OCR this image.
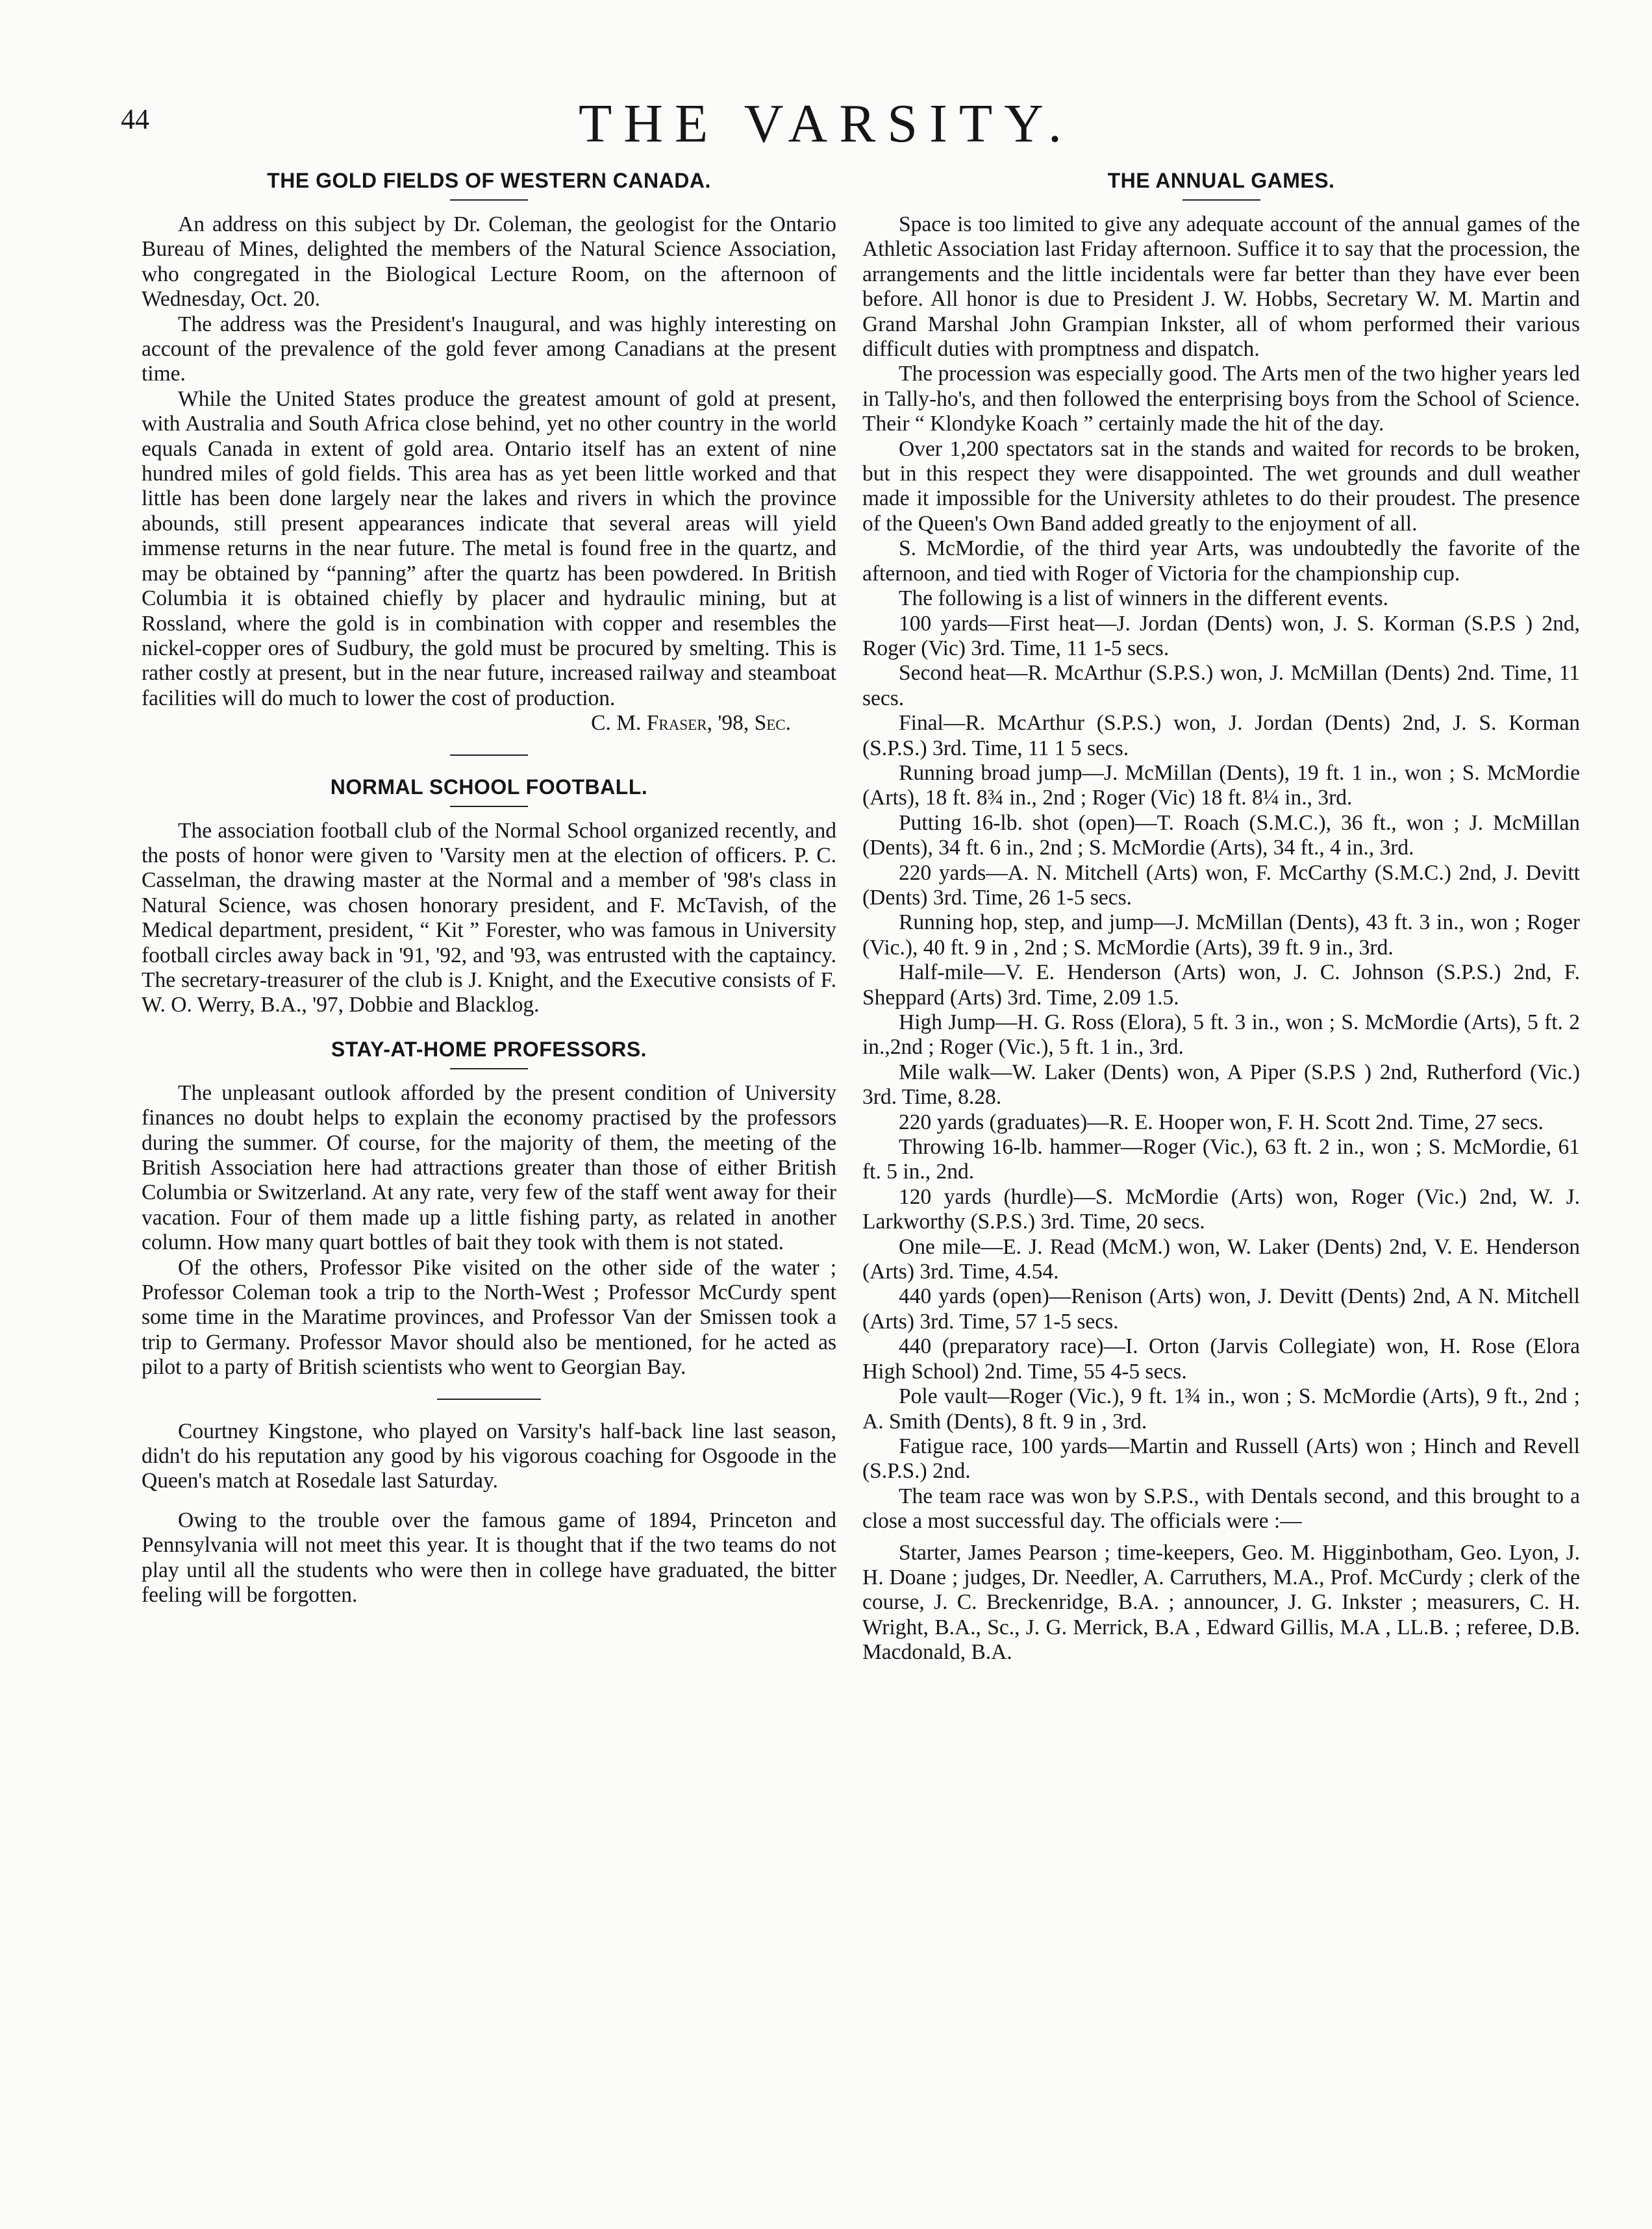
44	THE VARSITY.
THE GOLD FIELDS OF WESTERN CANADA.

An address on this subject by Dr. Coleman, the geologist for the Ontario Bureau of Mines, delighted the members of the Natural Science Association, who congregated in the Biological Lecture Room, on the afternoon of Wednesday, Oct. 20.

The address was the President's Inaugural, and was highly interesting on account of the prevalence of the gold fever among Canadians at the present time.

While the United States produce the greatest amount of gold at present, with Australia and South Africa close behind, yet no other country in the world equals Canada in extent of gold area. Ontario itself has an extent of nine hundred miles of gold fields. This area has as yet been little worked and that little has been done largely near the lakes and rivers in which the province abounds, still present appearances indicate that several areas will yield immense returns in the near future. The metal is found free in the quartz, and may be obtained by “panning” after the quartz has been powdered. In British Columbia it is obtained chiefly by placer and hydraulic mining, but at Rossland, where the gold is in combination with copper and resembles the nickel-copper ores of Sudbury, the gold must be procured by smelting. This is rather costly at present, but in the near future, increased railway and steamboat facilities will do much to lower the cost of production.

C. M. Fraser, '98, Sec.

NORMAL SCHOOL FOOTBALL.

The association football club of the Normal School organized recently, and the posts of honor were given to 'Varsity men at the election of officers. P. C. Casselman, the drawing master at the Normal and a member of '98's class in Natural Science, was chosen honorary president, and F. McTavish, of the Medical department, president, “ Kit ” Forester, who was famous in University football circles away back in '91, '92, and '93, was entrusted with the captaincy. The secretary-treasurer of the club is J. Knight, and the Executive consists of F. W. O. Werry, B.A., '97, Dobbie and Blacklog.

STAY-AT-HOME PROFESSORS.

The unpleasant outlook afforded by the present condition of University finances no doubt helps to explain the economy practised by the professors during the summer. Of course, for the majority of them, the meeting of the British Association here had attractions greater than those of either British Columbia or Switzerland. At any rate, very few of the staff went away for their vacation. Four of them made up a little fishing party, as related in another column. How many quart bottles of bait they took with them is not stated.

Of the others, Professor Pike visited on the other side of the water ; Professor Coleman took a trip to the North-West ; Professor McCurdy spent some time in the Maratime provinces, and Professor Van der Smissen took a trip to Germany. Professor Mavor should also be mentioned, for he acted as pilot to a party of British scientists who went to Georgian Bay.

Courtney Kingstone, who played on Varsity's half-back line last season, didn't do his reputation any good by his vigorous coaching for Osgoode in the Queen's match at Rosedale last Saturday.

Owing to the trouble over the famous game of 1894, Princeton and Pennsylvania will not meet this year. It is thought that if the two teams do not play until all the students who were then in college have graduated, the bitter feeling will be forgotten.

THE ANNUAL GAMES.

Space is too limited to give any adequate account of the annual games of the Athletic Association last Friday afternoon. Suffice it to say that the procession, the arrangements and the little incidentals were far better than they have ever been before. All honor is due to President J. W. Hobbs, Secretary W. M. Martin and Grand Marshal John Grampian Inkster, all of whom performed their various difficult duties with promptness and dispatch.

The procession was especially good. The Arts men of the two higher years led in Tally-ho's, and then followed the enterprising boys from the School of Science. Their “ Klondyke Koach ” certainly made the hit of the day.

Over 1,200 spectators sat in the stands and waited for records to be broken, but in this respect they were disappointed. The wet grounds and dull weather made it impossible for the University athletes to do their proudest. The presence of the Queen's Own Band added greatly to the enjoyment of all.

S. McMordie, of the third year Arts, was undoubtedly the favorite of the afternoon, and tied with Roger of Victoria for the championship cup.

The following is a list of winners in the different events.

100 yards—First heat—J. Jordan (Dents) won, J. S. Korman (S.P.S ) 2nd, Roger (Vic) 3rd. Time, 11 1-5 secs.

Second heat—R. McArthur (S.P.S.) won, J. McMillan (Dents) 2nd. Time, 11 secs.

Final—R. McArthur (S.P.S.) won, J. Jordan (Dents) 2nd, J. S. Korman (S.P.S.) 3rd. Time, 11 1 5 secs.

Running broad jump—J. McMillan (Dents), 19 ft. 1 in., won ; S. McMordie (Arts), 18 ft. 8¾ in., 2nd ; Roger (Vic) 18 ft. 8¼ in., 3rd.

Putting 16-lb. shot (open)—T. Roach (S.M.C.), 36 ft., won ; J. McMillan (Dents), 34 ft. 6 in., 2nd ; S. McMordie (Arts), 34 ft., 4 in., 3rd.

220 yards—A. N. Mitchell (Arts) won, F. McCarthy (S.M.C.) 2nd, J. Devitt (Dents) 3rd. Time, 26 1-5 secs.

Running hop, step, and jump—J. McMillan (Dents), 43 ft. 3 in., won ; Roger (Vic.), 40 ft. 9 in , 2nd ; S. McMordie (Arts), 39 ft. 9 in., 3rd.

Half-mile—V. E. Henderson (Arts) won, J. C. Johnson (S.P.S.) 2nd, F. Sheppard (Arts) 3rd. Time, 2.09 1.5.

High Jump—H. G. Ross (Elora), 5 ft. 3 in., won ; S. McMordie (Arts), 5 ft. 2 in.,2nd ; Roger (Vic.), 5 ft. 1 in., 3rd.

Mile walk—W. Laker (Dents) won, A Piper (S.P.S ) 2nd, Rutherford (Vic.) 3rd. Time, 8.28.

220 yards (graduates)—R. E. Hooper won, F. H. Scott 2nd. Time, 27 secs.

Throwing 16-lb. hammer—Roger (Vic.), 63 ft. 2 in., won ; S. McMordie, 61 ft. 5 in., 2nd.

120 yards (hurdle)—S. McMordie (Arts) won, Roger (Vic.) 2nd, W. J. Larkworthy (S.P.S.) 3rd. Time, 20 secs.

One mile—E. J. Read (McM.) won, W. Laker (Dents) 2nd, V. E. Henderson (Arts) 3rd. Time, 4.54.

440 yards (open)—Renison (Arts) won, J. Devitt (Dents) 2nd, A N. Mitchell (Arts) 3rd. Time, 57 1-5 secs.

440 (preparatory race)—I. Orton (Jarvis Collegiate) won, H. Rose (Elora High School) 2nd. Time, 55 4-5 secs.

Pole vault—Roger (Vic.), 9 ft. 1¾ in., won ; S. McMordie (Arts), 9 ft., 2nd ; A. Smith (Dents), 8 ft. 9 in , 3rd.

Fatigue race, 100 yards—Martin and Russell (Arts) won ; Hinch and Revell (S.P.S.) 2nd.

The team race was won by S.P.S., with Dentals second, and this brought to a close a most successful day. The officials were :—

Starter, James Pearson ; time-keepers, Geo. M. Higginbotham, Geo. Lyon, J. H. Doane ; judges, Dr. Needler, A. Carruthers, M.A., Prof. McCurdy ; clerk of the course, J. C. Breckenridge, B.A. ; announcer, J. G. Inkster ; measurers, C. H. Wright, B.A., Sc., J. G. Merrick, B.A , Edward Gillis, M.A , LL.B. ; referee, D.B. Macdonald, B.A.
